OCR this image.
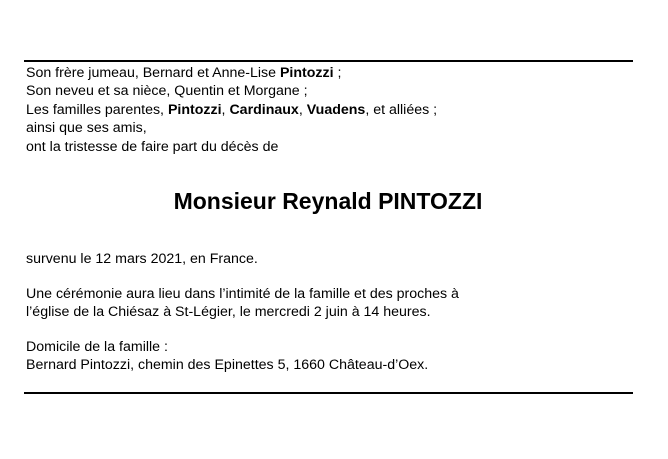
Son frère jumeau, Bernard et Anne-Lise Pintozzi ;
Son neveu et sa nièce, Quentin et Morgane ;
Les familles parentes, Pintozzi, Cardinaux, Vuadens, et alliées ;
ainsi que ses amis,
ont la tristesse de faire part du décès de
Monsieur Reynald PINTOZZI
survenu le 12 mars 2021, en France.
Une cérémonie aura lieu dans l’intimité de la famille et des proches à
l’église de la Chiésaz à St-Légier, le mercredi 2 juin à 14 heures.
Domicile de la famille :
Bernard Pintozzi, chemin des Epinettes 5, 1660 Château-d’Oex.
